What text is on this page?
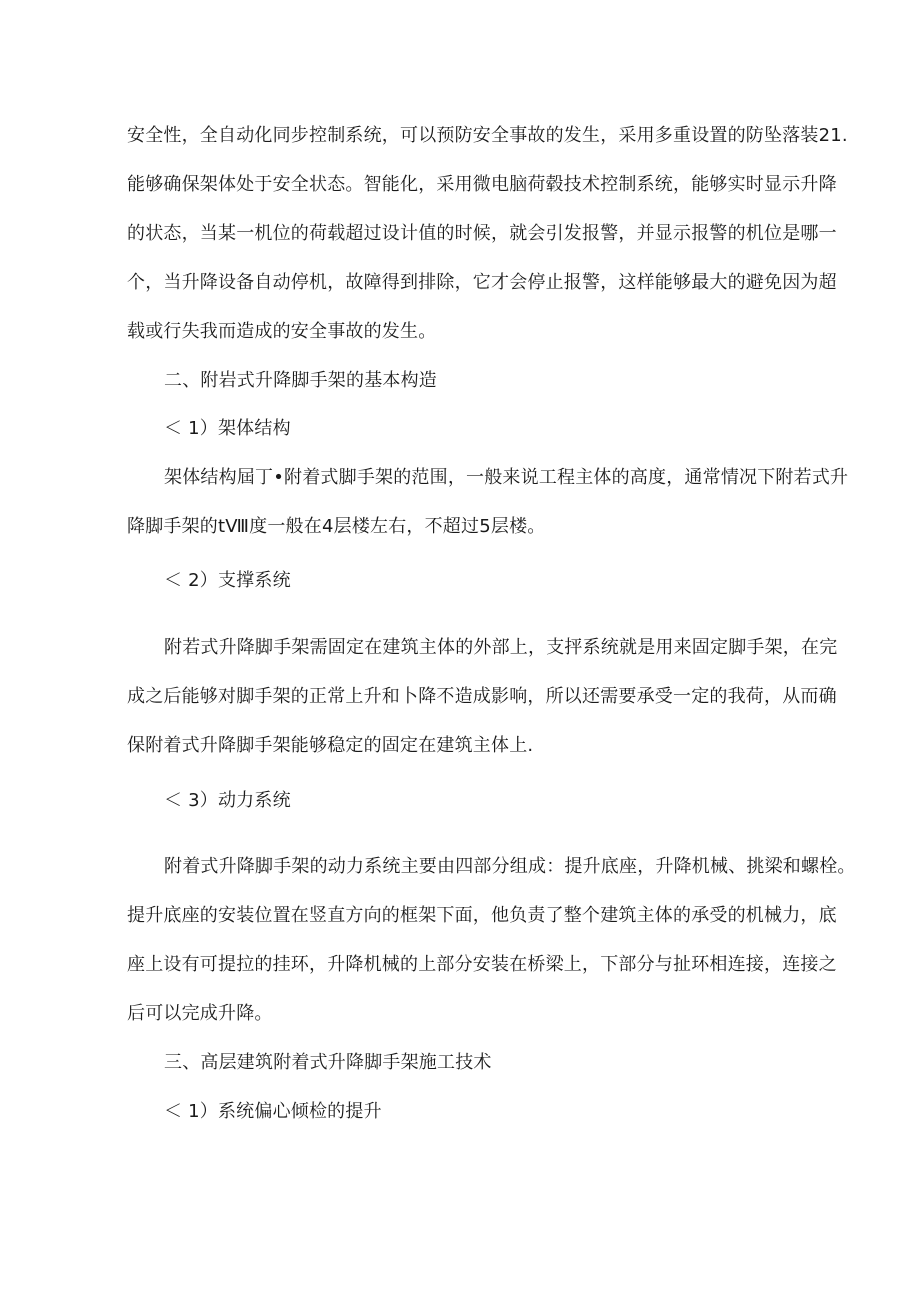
安全性，全自动化同步控制系统，可以预防安全事故的发生，采用多重设置的防坠落装21.
能够确保架体处于安全状态。智能化，采用微电脑荷毂技术控制系统，能够实时显示升降
的状态，当某一机位的荷载超过设计值的时候，就会引发报警，并显示报警的机位是哪一
个，当升降设备自动停机，故障得到排除，它才会停止报警，这样能够最大的避免因为超
载或行失我而造成的安全事故的发生。
二、附岩式升降脚手架的基本构造
＜ 1）架体结构
架体结构屆丁•附着式脚手架的范围，一般来说工程主体的高度，通常情况下附若式升
降脚手架的tⅧ度一般在4层楼左右，不超过5层楼。
＜ 2）支撑系统
附若式升降脚手架需固定在建筑主体的外部上，支抨系统就是用来固定脚手架，在完
成之后能够对脚手架的正常上升和卜降不造成影响，所以还需要承受一定的我荷，从而确
保附着式升降脚手架能够稳定的固定在建筑主体上.
＜ 3）动力系统
附着式升降脚手架的动力系统主要由四部分组成：提升底座，升降机械、挑梁和螺栓。
提升底座的安装位置在竖直方向的框架下面，他负责了整个建筑主体的承受的机械力，底
座上设有可提拉的挂环，升降机械的上部分安装在桥梁上，下部分与扯环相连接，连接之
后可以完成升降。
三、高层建筑附着式升降脚手架施工技术
＜ 1）系统偏心倾检的提升
